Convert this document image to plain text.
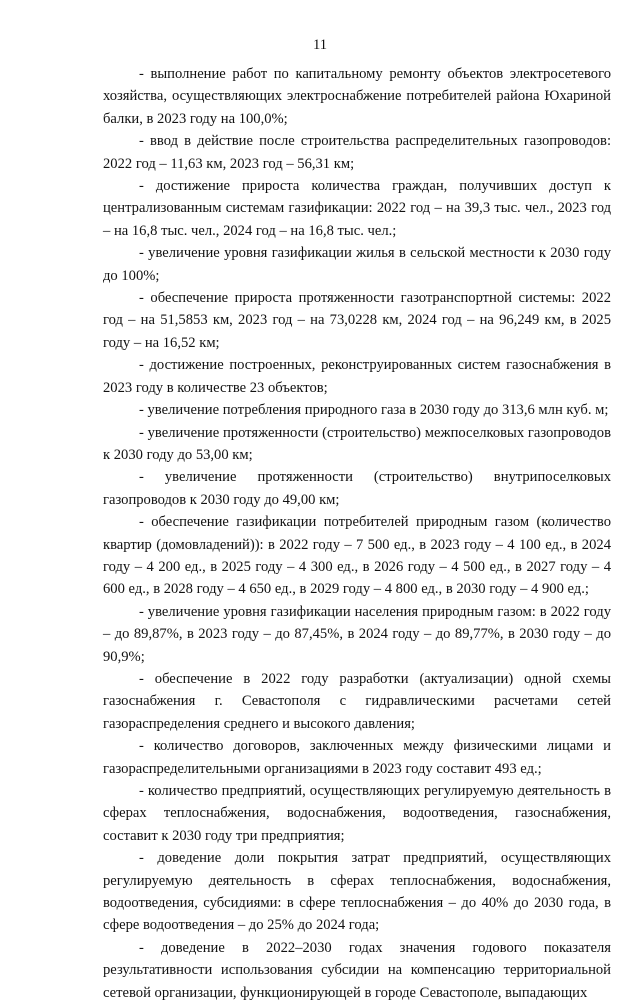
11

- выполнение работ по капитальному ремонту объектов электросетевого хозяйства, осуществляющих электроснабжение потребителей района Юхариной балки, в 2023 году на 100,0%;

- ввод в действие после строительства распределительных газопроводов: 2022 год – 11,63 км, 2023 год – 56,31 км;

- достижение прироста количества граждан, получивших доступ к централизованным системам газификации: 2022 год – на 39,3 тыс. чел., 2023 год – на 16,8 тыс. чел., 2024 год – на 16,8 тыс. чел.;

- увеличение уровня газификации жилья в сельской местности к 2030 году до 100%;

- обеспечение прироста протяженности газотранспортной системы: 2022 год – на 51,5853 км, 2023 год – на 73,0228 км, 2024 год – на 96,249 км, в 2025 году – на 16,52 км;

- достижение построенных, реконструированных систем газоснабжения в 2023 году в количестве 23 объектов;

- увеличение потребления природного газа в 2030 году до 313,6 млн куб. м;

- увеличение протяженности (строительство) межпоселковых газопроводов к 2030 году до 53,00 км;

- увеличение протяженности (строительство) внутрипоселковых газопроводов к 2030 году до 49,00 км;

- обеспечение газификации потребителей природным газом (количество квартир (домовладений)): в 2022 году – 7 500 ед., в 2023 году – 4 100 ед., в 2024 году – 4 200 ед., в 2025 году – 4 300 ед., в 2026 году – 4 500 ед., в 2027 году – 4 600 ед., в 2028 году – 4 650 ед., в 2029 году – 4 800 ед., в 2030 году – 4 900 ед.;

- увеличение уровня газификации населения природным газом: в 2022 году – до 89,87%, в 2023 году – до 87,45%, в 2024 году – до 89,77%, в 2030 году – до 90,9%;

- обеспечение в 2022 году разработки (актуализации) одной схемы газоснабжения г. Севастополя с гидравлическими расчетами сетей газораспределения среднего и высокого давления;

- количество договоров, заключенных между физическими лицами и газораспределительными организациями в 2023 году составит 493 ед.;

- количество предприятий, осуществляющих регулируемую деятельность в сферах теплоснабжения, водоснабжения, водоотведения, газоснабжения, составит к 2030 году три предприятия;

- доведение доли покрытия затрат предприятий, осуществляющих регулируемую деятельность в сферах теплоснабжения, водоснабжения, водоотведения, субсидиями: в сфере теплоснабжения – до 40% до 2030 года, в сфере водоотведения – до 25% до 2024 года;

- доведение в 2022–2030 годах значения годового показателя результативности использования субсидии на компенсацию территориальной сетевой организации, функционирующей в городе Севастополе, выпадающих
